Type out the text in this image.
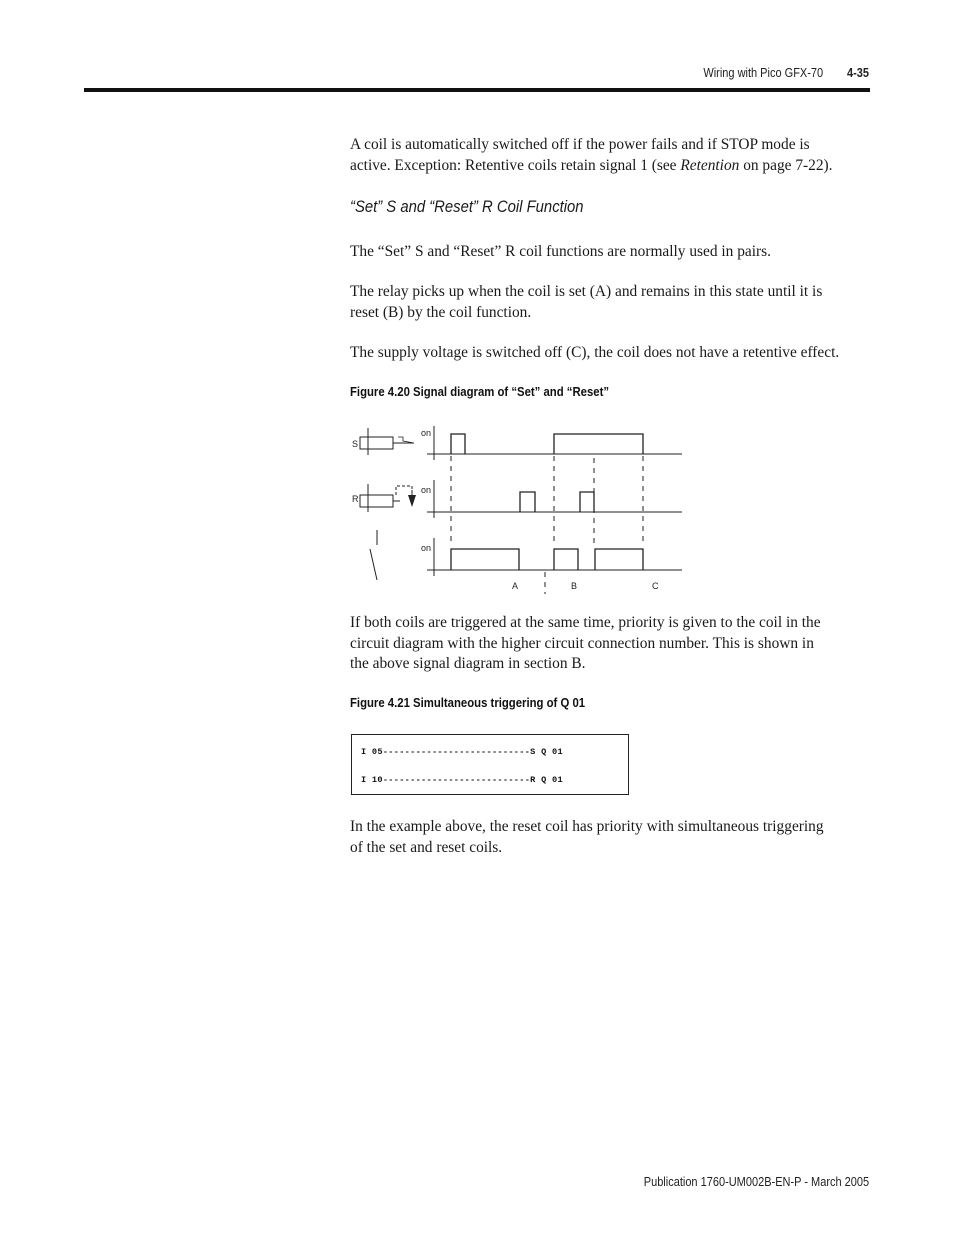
Wiring with Pico GFX-70 4-35
A coil is automatically switched off if the power fails and if STOP mode is
active. Exception: Retentive coils retain signal 1 (see Retention on page 7-22).
“Set” S and “Reset” R Coil Function
The “Set” S and “Reset” R coil functions are normally used in pairs.
The relay picks up when the coil is set (A) and remains in this state until it is
reset (B) by the coil function.
The supply voltage is switched off (C), the coil does not have a retentive effect.
Figure 4.20 Signal diagram of “Set” and “Reset”
S
R
on
on
on
A	B	C
If both coils are triggered at the same time, priority is given to the coil in the
circuit diagram with the higher circuit connection number. This is shown in
the above signal diagram in section B.
Figure 4.21 Simultaneous triggering of Q 01
I 05---------------------------S Q 01
I 10---------------------------R Q 01
In the example above, the reset coil has priority with simultaneous triggering
of the set and reset coils.
Publication 1760-UM002B-EN-P - March 2005
